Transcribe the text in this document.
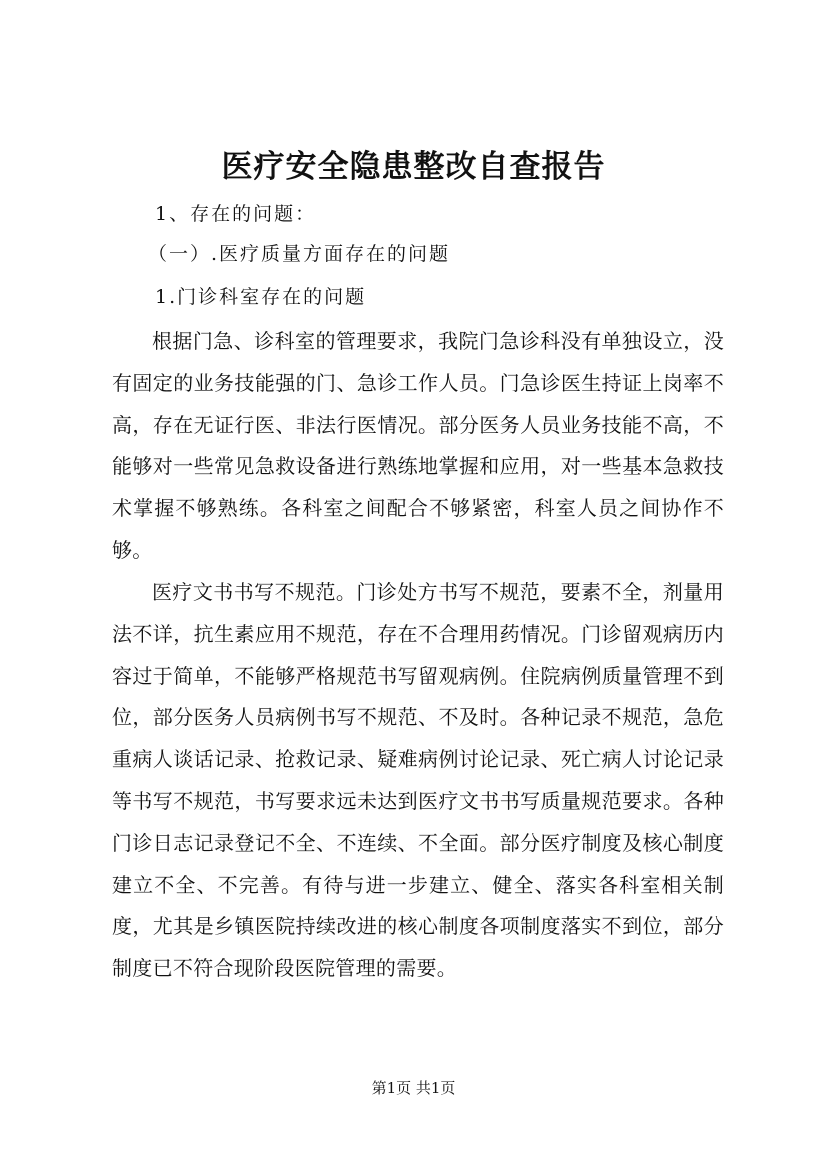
医疗安全隐患整改自查报告
1、存在的问题：
（一）.医疗质量方面存在的问题
1.门诊科室存在的问题

根据门急、诊科室的管理要求，我院门急诊科没有单独设立，没有固定的业务技能强的门、急诊工作人员。门急诊医生持证上岗率不高，存在无证行医、非法行医情况。部分医务人员业务技能不高，不能够对一些常见急救设备进行熟练地掌握和应用，对一些基本急救技术掌握不够熟练。各科室之间配合不够紧密，科室人员之间协作不够。

医疗文书书写不规范。门诊处方书写不规范，要素不全，剂量用法不详，抗生素应用不规范，存在不合理用药情况。门诊留观病历内容过于简单，不能够严格规范书写留观病例。住院病例质量管理不到位，部分医务人员病例书写不规范、不及时。各种记录不规范，急危重病人谈话记录、抢救记录、疑难病例讨论记录、死亡病人讨论记录等书写不规范，书写要求远未达到医疗文书书写质量规范要求。各种门诊日志记录登记不全、不连续、不全面。部分医疗制度及核心制度建立不全、不完善。有待与进一步建立、健全、落实各科室相关制度，尤其是乡镇医院持续改进的核心制度各项制度落实不到位，部分制度已不符合现阶段医院管理的需要。

第1页 共1页
